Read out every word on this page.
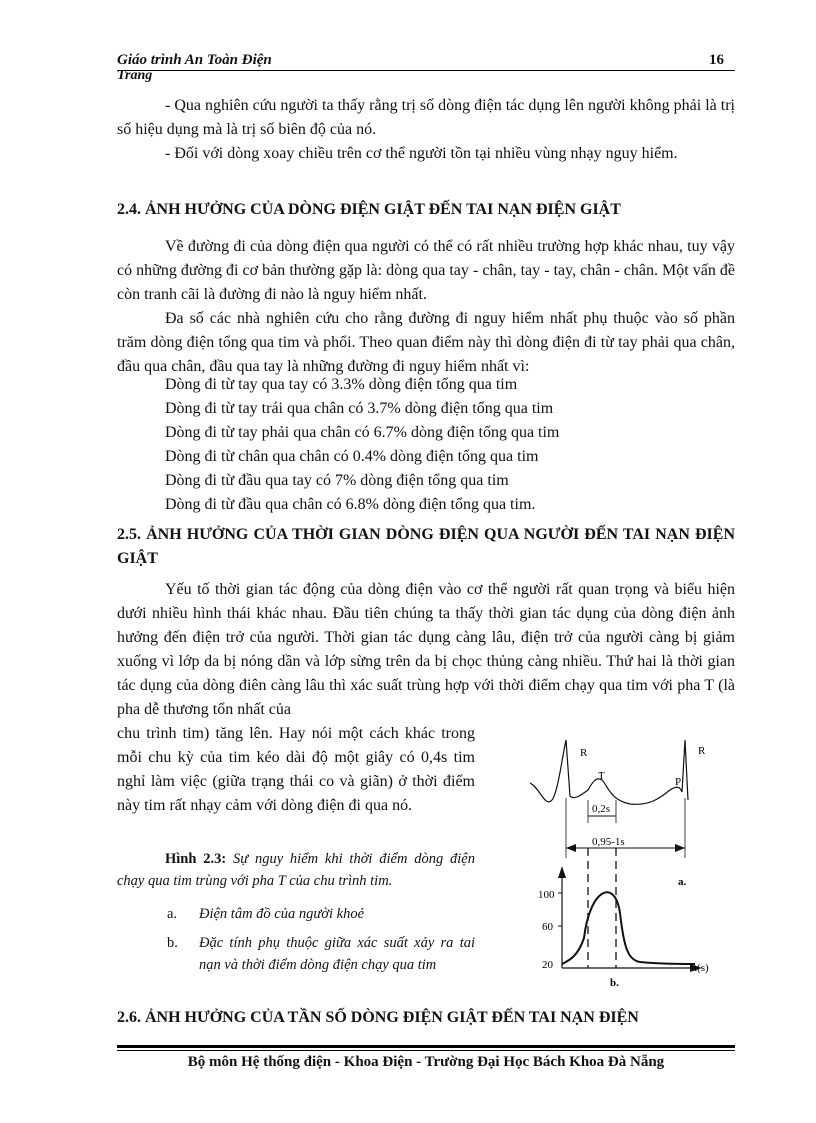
Giáo trình An Toàn Điện	16
Trang
- Qua nghiên cứu người ta thấy rằng trị số dòng điện tác dụng lên người không phải là trị số hiệu dụng mà là trị số biên độ của nó.
- Đối với dòng xoay chiều trên cơ thể người tồn tại nhiều vùng nhạy nguy hiểm.
2.4. ẢNH HƯỞNG CỦA DÒNG ĐIỆN GIẬT ĐẾN TAI NẠN ĐIỆN GIẬT
Về đường đi của dòng điện qua người có thể có rất nhiều trường hợp khác nhau, tuy vậy có những đường đi cơ bản thường gặp là: dòng qua tay - chân, tay - tay, chân - chân. Một vấn đề còn tranh cãi là đường đi nào là nguy hiểm nhất.
Đa số các nhà nghiên cứu cho rằng đường đi nguy hiểm nhất phụ thuộc vào số phần trăm dòng điện tổng qua tim và phổi. Theo quan điểm này thì dòng điện đi từ tay phải qua chân, đầu qua chân, đầu qua tay là những đường đi nguy hiểm nhất vì:
Dòng đi từ tay qua tay có 3.3% dòng điện tổng qua tim
Dòng đi từ tay trái qua chân có 3.7% dòng điện tổng qua tim
Dòng đi từ tay phải qua chân có 6.7% dòng điện tổng qua tim
Dòng đi từ chân qua chân có 0.4% dòng điện tổng qua tim
Dòng đi từ đầu qua tay có 7% dòng điện tổng qua tim
Dòng đi từ đầu qua chân có 6.8% dòng điện tổng qua tim.
2.5. ẢNH HƯỞNG CỦA THỜI GIAN DÒNG ĐIỆN QUA NGƯỜI ĐẾN TAI NẠN ĐIỆN GIẬT
Yếu tố thời gian tác động của dòng điện vào cơ thể người rất quan trọng và biểu hiện dưới nhiều hình thái khác nhau. Đầu tiên chúng ta thấy thời gian tác dụng của dòng điện ảnh hưởng đến điện trở của người. Thời gian tác dụng càng lâu, điện trở của người càng bị giảm xuống vì lớp da bị nóng dần và lớp sừng trên da bị chọc thủng càng nhiều. Thứ hai là thời gian tác dụng của dòng điên càng lâu thì xác suất trùng hợp với thời điểm chạy qua tim với pha T (là pha dễ thương tổn nhất của
chu trình tim) tăng lên. Hay nói một cách khác trong mỗi chu kỳ của tim kéo dài độ một giây có 0,4s tim nghỉ làm việc (giữa trạng thái co và giãn) ở thời điểm này tim rất nhạy cảm với dòng điện đi qua nó.
Hình 2.3: Sự nguy hiểm khi thời điểm dòng điện chạy qua tim trùng với pha T của chu trình tim.
a. Điện tâm đồ của người khoẻ
b. Đặc tính phụ thuộc giữa xác suất xảy ra tai nạn và thời điểm dòng điện chạy qua tim
R	R
T	P
0,2s
0,95-1s
a.
100
60
20	t(s)
b.
2.6. ẢNH HƯỞNG CỦA TẦN SỐ DÒNG ĐIỆN GIẬT ĐẾN TAI NẠN ĐIỆN
Bộ môn Hệ thống điện - Khoa Điện - Trường Đại Học Bách Khoa Đà Nẵng
